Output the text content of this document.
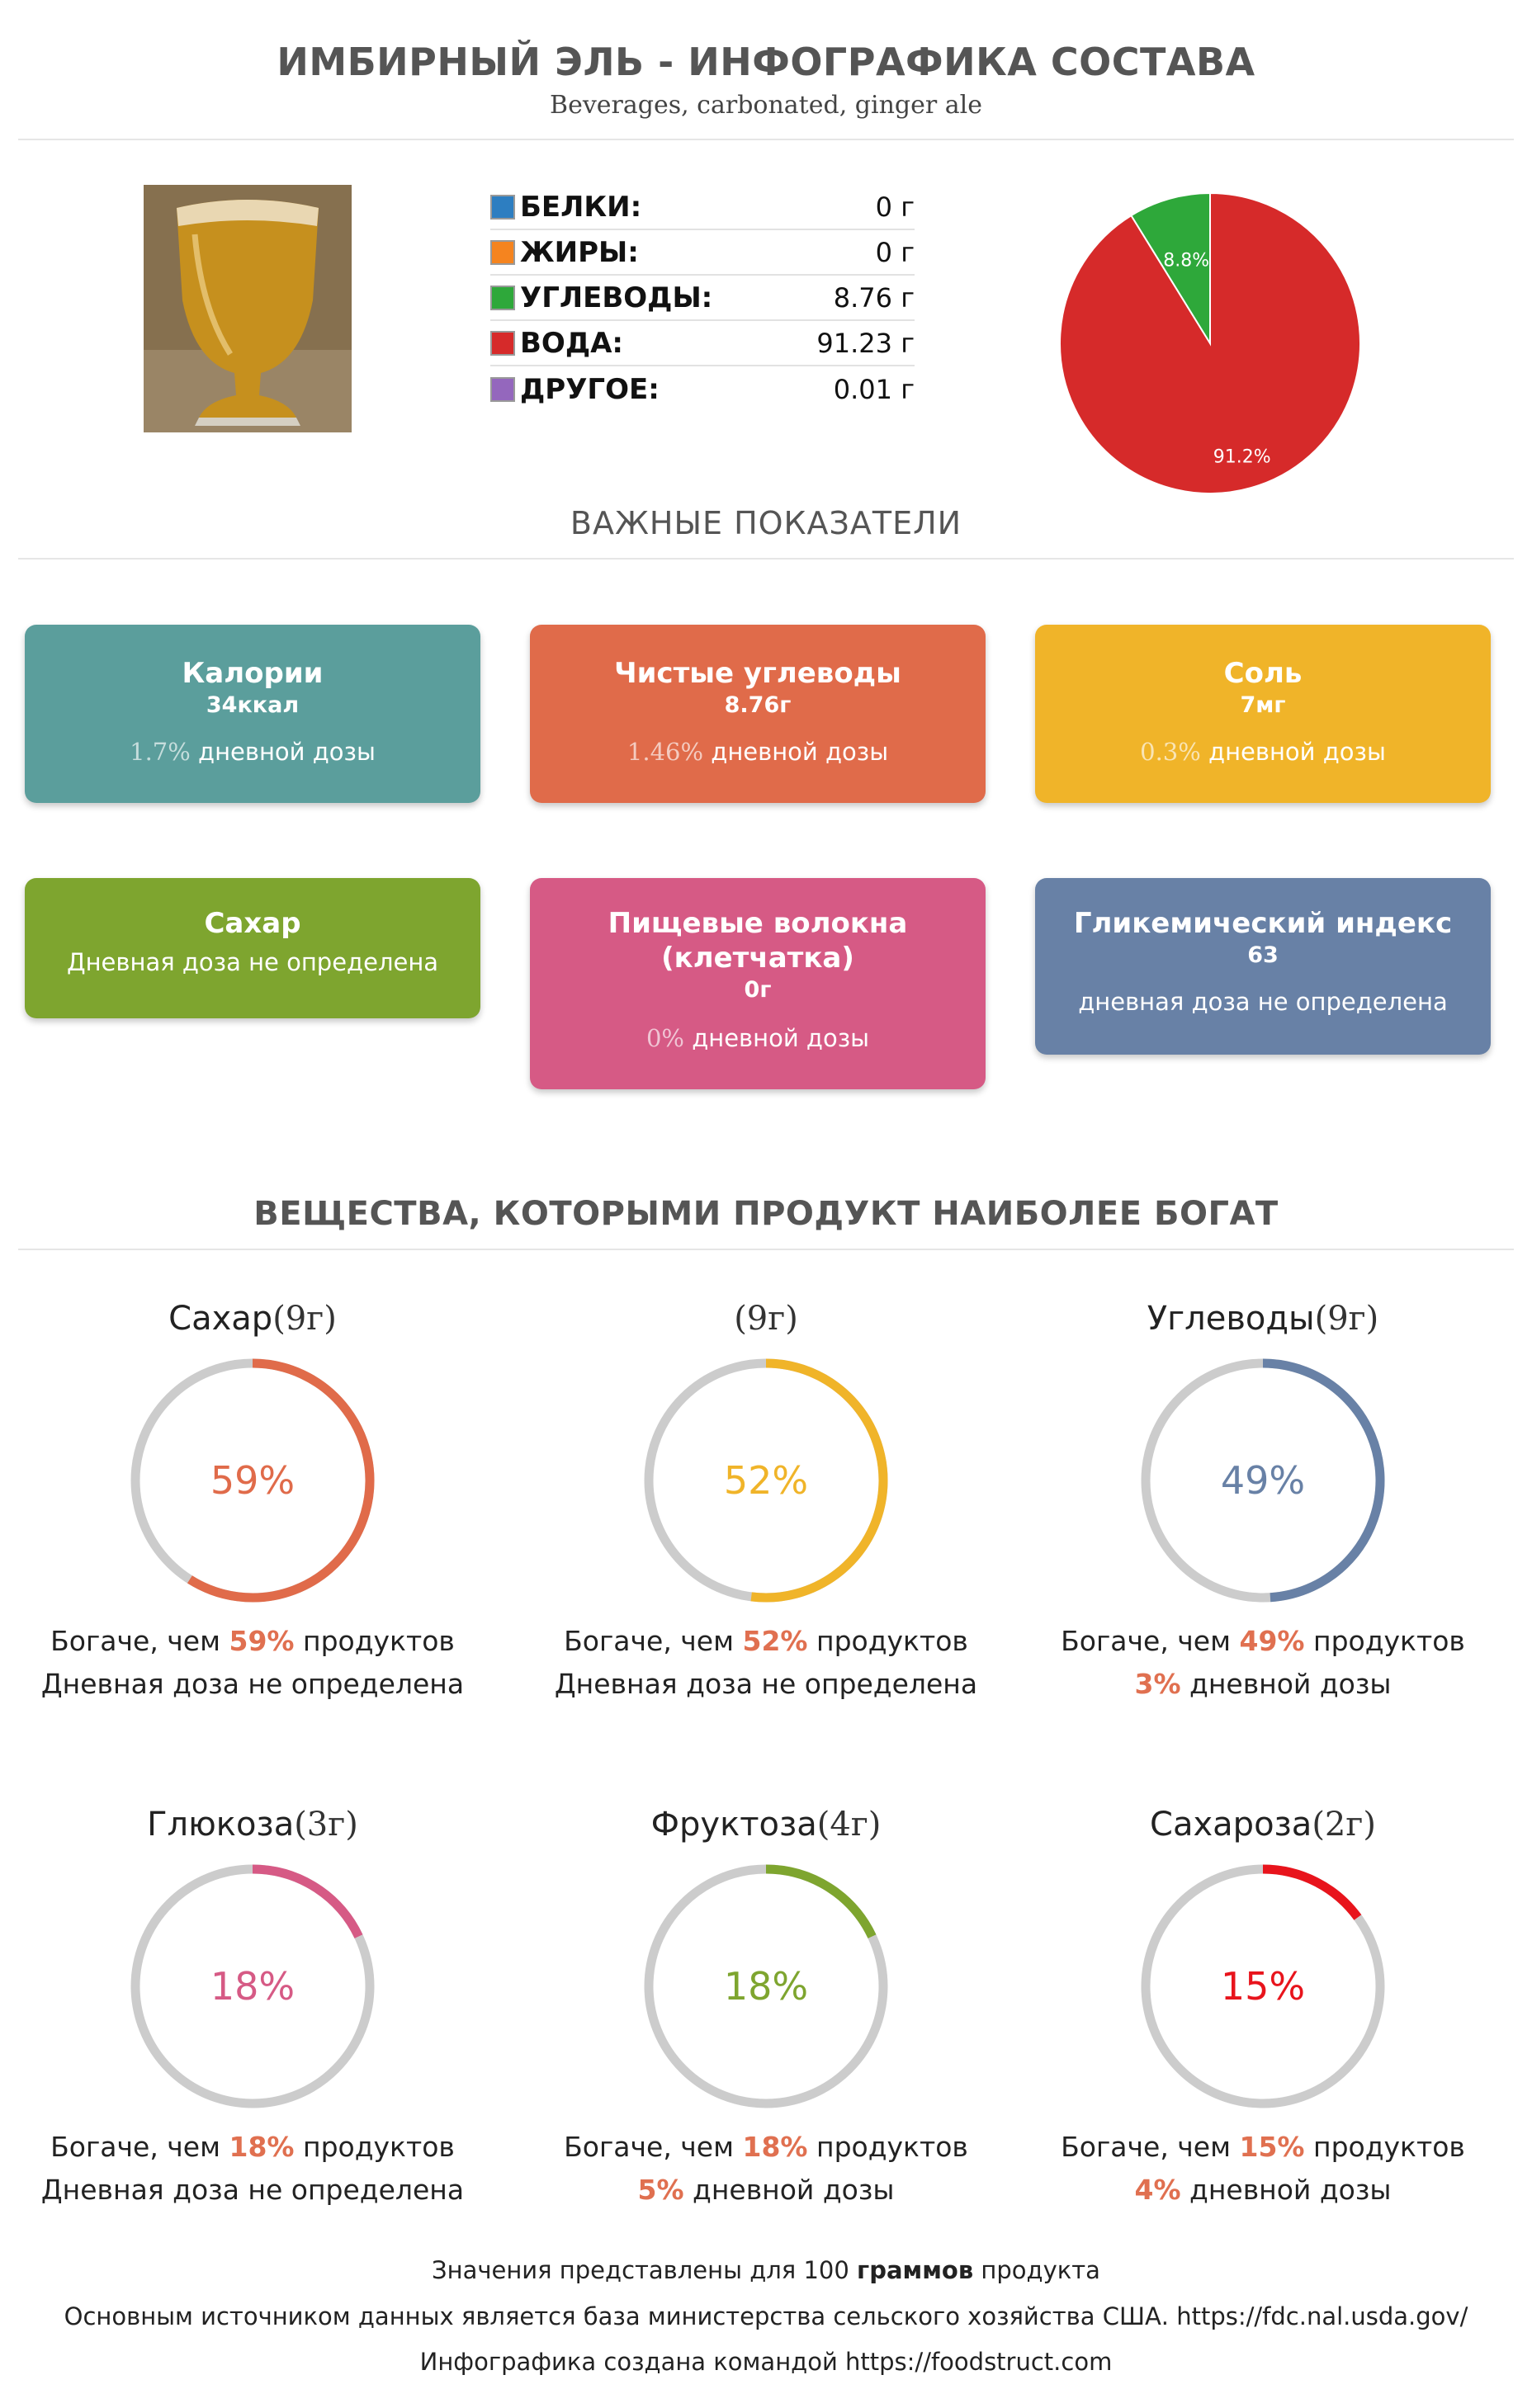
ИМБИРНЫЙ ЭЛЬ - ИНФОГРАФИКА СОСТАВА
Beverages, carbonated, ginger ale
БЕЛКИ:	0 г
ЖИРЫ:	0 г
УГЛЕВОДЫ:	8.76 г
ВОДА:	91.23 г
ДРУГОЕ:	0.01 г
91.2%
8.8%
ВАЖНЫЕ ПОКАЗАТЕЛИ
Калории
34ккал
1.7% дневной дозы
Чистые углеводы
8.76г
1.46% дневной дозы
Соль
7мг
0.3% дневной дозы
Сахар
Дневная доза не определена
Пищевые волокна (клетчатка)
0г
0% дневной дозы
Гликемический индекс
63
дневная доза не определена
ВЕЩЕСТВА, КОТОРЫМИ ПРОДУКТ НАИБОЛЕЕ БОГАТ
Сахар(9г)
59%
Богаче, чем 59% продуктов
Дневная доза не определена
(9г)
52%
Богаче, чем 52% продуктов
Дневная доза не определена
Углеводы(9г)
49%
Богаче, чем 49% продуктов
3% дневной дозы
Глюкоза(3г)
18%
Богаче, чем 18% продуктов
Дневная доза не определена
Фруктоза(4г)
18%
Богаче, чем 18% продуктов
5% дневной дозы
Сахароза(2г)
15%
Богаче, чем 15% продуктов
4% дневной дозы
Значения представлены для 100 граммов продукта
Основным источником данных является база министерства сельского хозяйства США. https://fdc.nal.usda.gov/
Инфографика создана командой https://foodstruct.com
